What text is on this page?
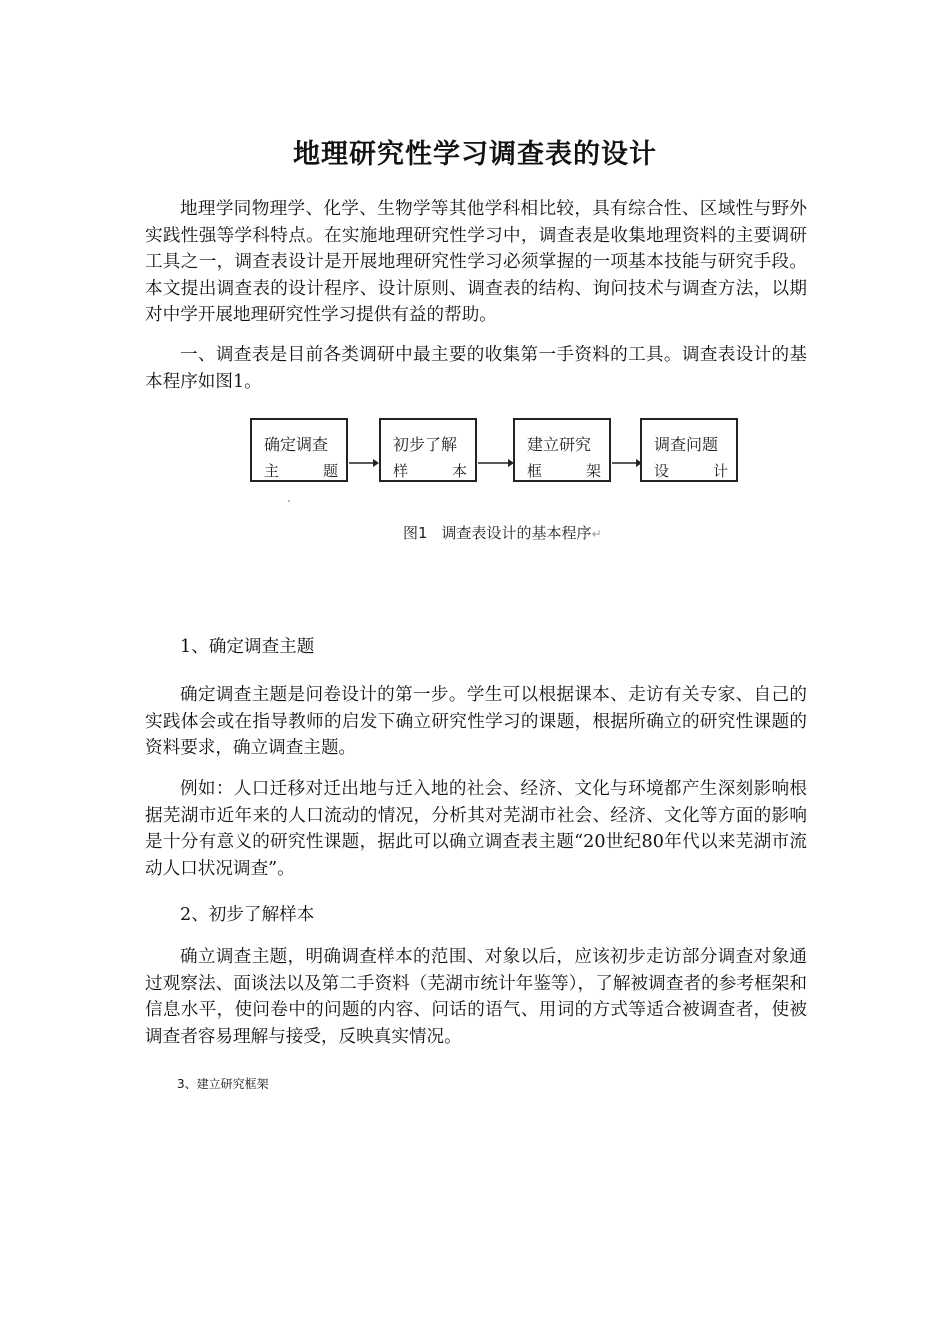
地理研究性学习调查表的设计

地理学同物理学、化学、生物学等其他学科相比较，具有综合性、区域性与野外实践性强等学科特点。在实施地理研究性学习中，调查表是收集地理资料的主要调研工具之一，调查表设计是开展地理研究性学习必须掌握的一项基本技能与研究手段。本文提出调查表的设计程序、设计原则、调查表的结构、询问技术与调查方法，以期对中学开展地理研究性学习提供有益的帮助。

一、调查表是目前各类调研中最主要的收集第一手资料的工具。调查表设计的基本程序如图1。

确定调查
主	题
初步了解
样	本
建立研究
框	架
调查问题
设	计
图1 调查表设计的基本程序↵
1、确定调查主题

确定调查主题是问卷设计的第一步。学生可以根据课本、走访有关专家、自己的实践体会或在指导教师的启发下确立研究性学习的课题，根据所确立的研究性课题的资料要求，确立调查主题。

例如：人口迁移对迁出地与迁入地的社会、经济、文化与环境都产生深刻影响根据芜湖市近年来的人口流动的情况，分析其对芜湖市社会、经济、文化等方面的影响是十分有意义的研究性课题，据此可以确立调查表主题“20世纪80年代以来芜湖市流动人口状况调查”。

2、初步了解样本

确立调查主题，明确调查样本的范围、对象以后，应该初步走访部分调查对象通过观察法、面谈法以及第二手资料（芜湖市统计年鉴等），了解被调查者的参考框架和信息水平，使问卷中的问题的内容、问话的语气、用词的方式等适合被调查者，使被调查者容易理解与接受，反映真实情况。

3、建立研究框架
